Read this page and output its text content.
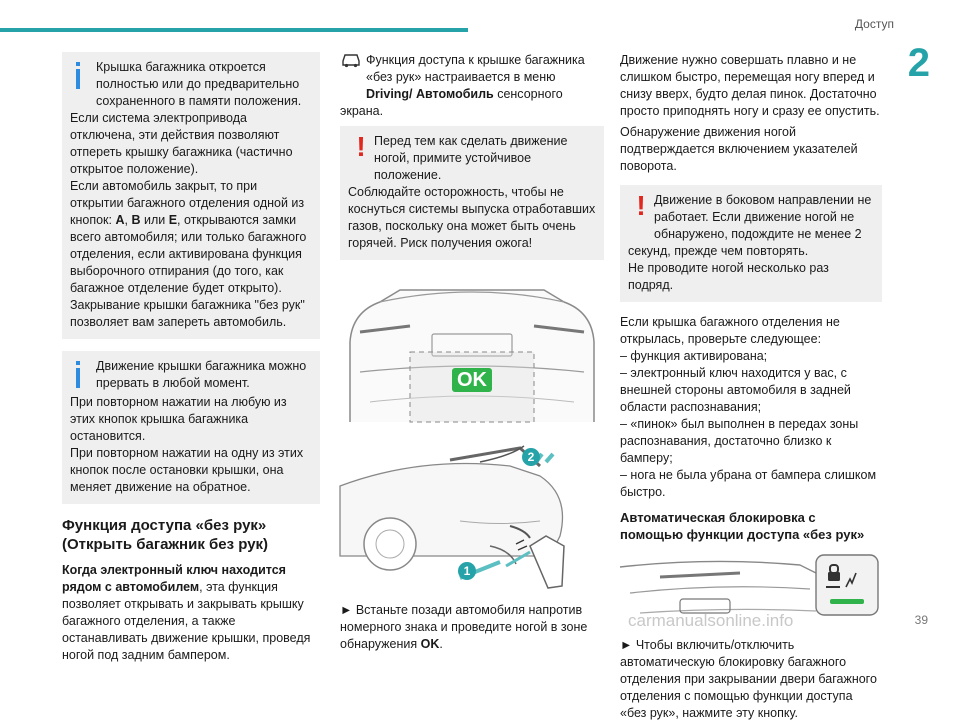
Доступ
2

Крышка багажника откроется полностью или до предварительно сохраненного в памяти положения.

Если система электропривода отключена, эти действия позволяют отпереть крышку багажника (частично открытое положение).

Если автомобиль закрыт, то при открытии багажного отделения одной из кнопок: A, B или E, открываются замки всего автомобиля; или только багажного отделения, если активирована функция выборочного отпирания (до того, как багажное отделение будет открыто).

Закрывание крышки багажника "без рук" позволяет вам запереть автомобиль.

Движение крышки багажника можно прервать в любой момент.

При повторном нажатии на любую из этих кнопок крышка багажника остановится.

При повторном нажатии на одну из этих кнопок после остановки крышки, она меняет движение на обратное.

Функция доступа «без рук» (Открыть багажник без рук)

Когда электронный ключ находится рядом с автомобилем, эта функция позволяет открывать и закрывать крышку багажного отделения, а также останавливать движение крышки, проведя ногой под задним бампером.

Функция доступа к крышке багажника «без рук» настраивается в меню Driving/ Автомобиль сенсорного экрана.

! Перед тем как сделать движение ногой, примите устойчивое положение.

Соблюдайте осторожность, чтобы не коснуться системы выпуска отработавших газов, поскольку она может быть очень горячей. Риск получения ожога!

OK
2
1

► Встаньте позади автомобиля напротив номерного знака и проведите ногой в зоне обнаружения OK.

Движение нужно совершать плавно и не слишком быстро, перемещая ногу вперед и снизу вверх, будто делая пинок. Достаточно просто приподнять ногу и сразу ее опустить.

Обнаружение движения ногой подтверждается включением указателей поворота.

! Движение в боковом направлении не работает. Если движение ногой не обнаружено, подождите не менее 2 секунд, прежде чем повторять.

Не проводите ногой несколько раз подряд.

Если крышка багажного отделения не открылась, проверьте следующее:

– функция активирована;
– электронный ключ находится у вас, с внешней стороны автомобиля в задней области распознавания;
– «пинок» был выполнен в передах зоны распознавания, достаточно близко к бамперу;
– нога не была убрана от бампера слишком быстро.
Автоматическая блокировка с помощью функции доступа «без рук»

► Чтобы включить/отключить автоматическую блокировку багажного отделения при закрывании двери багажного отделения с помощью функции доступа «без рук», нажмите эту кнопку.

carmanualsonline.info	39
